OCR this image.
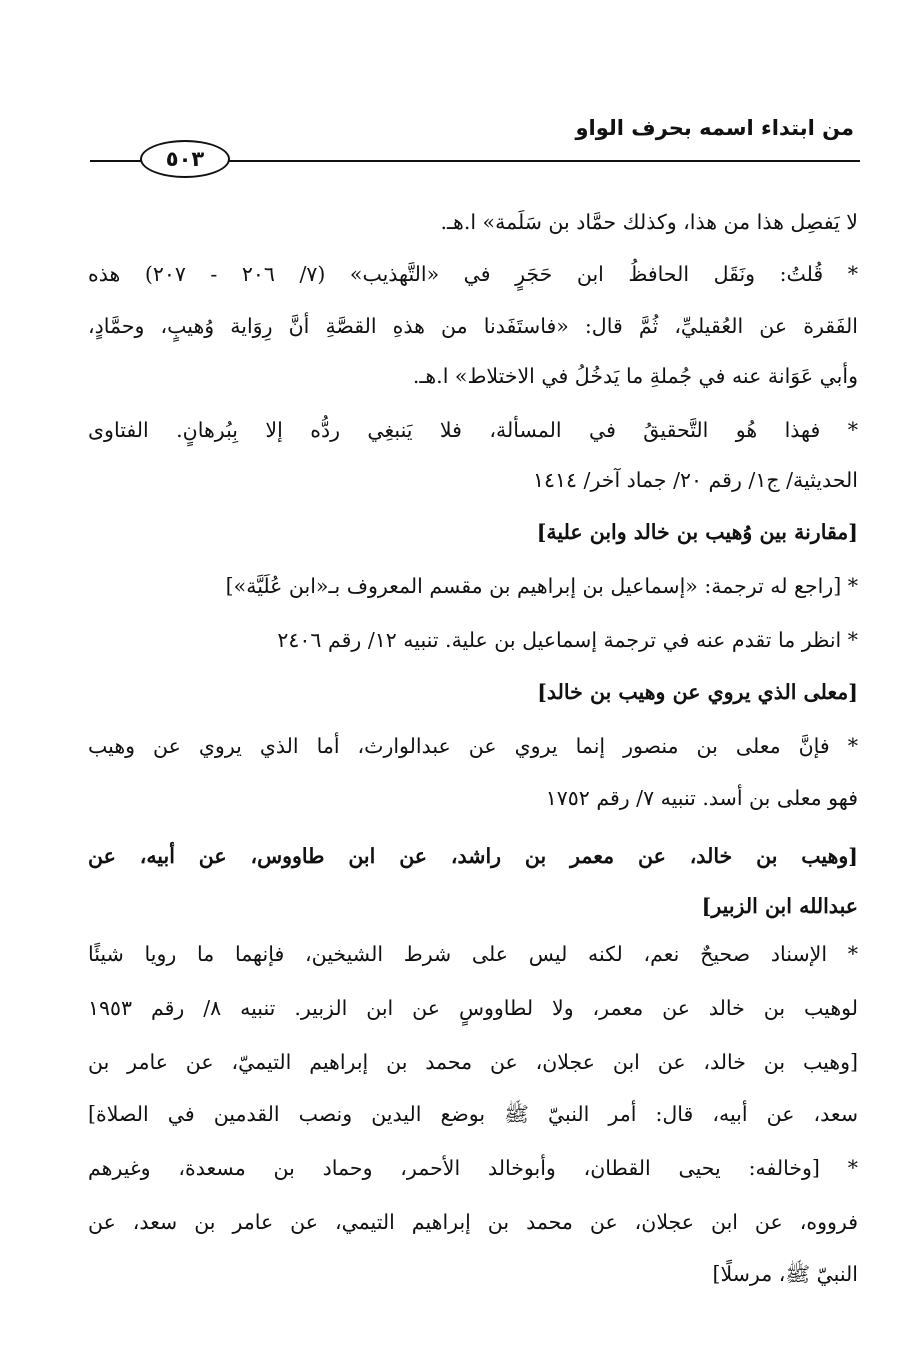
من ابتداء اسمه بحرف الواو
٥٠٣
لا يَفصِل هذا من هذا، وكذلك حمَّاد بن سَلَمة» ا.هـ.
* قُلتُ: ونَقَل الحافظُ ابن حَجَرٍ في «التَّهذيب» (٧/ ٢٠٦ - ٢٠٧) هذه
الفَقرة عن العُقيليِّ، ثُمَّ قال: «فاستَفَدنا من هذهِ القصَّةِ أنَّ رِوَاية وُهيبٍ، وحمَّادٍ،
وأبي عَوَانة عنه في جُملةِ ما يَدخُلُ في الاختلاط» ا.هـ.
* فهذا هُو التَّحقيقُ في المسألة، فلا يَنبغِي ردُّه إلا بِبُرهانٍ. الفتاوى
الحديثية/ ج١/ رقم ٢٠/ جماد آخر/ ١٤١٤
[مقارنة بين وُهيب بن خالد وابن علية]
* [راجع له ترجمة: «إسماعيل بن إبراهيم بن مقسم المعروف بـ«ابن عُلَيَّة»]
* انظر ما تقدم عنه في ترجمة إسماعيل بن علية. تنبيه ١٢/ رقم ٢٤٠٦
[معلى الذي يروي عن وهيب بن خالد]
* فإنَّ معلى بن منصور إنما يروي عن عبدالوارث، أما الذي يروي عن وهيب
فهو معلى بن أسد. تنبيه ٧/ رقم ١٧٥٢
[وهيب بن خالد، عن معمر بن راشد، عن ابن طاووس، عن أبيه، عن
عبدالله ابن الزبير]
* الإسناد صحيحٌ نعم، لكنه ليس على شرط الشيخين، فإنهما ما رويا شيئًا
لوهيب بن خالد عن معمر، ولا لطاووسٍ عن ابن الزبير. تنبيه ٨/ رقم ١٩٥٣
[وهيب بن خالد، عن ابن عجلان، عن محمد بن إبراهيم التيميّ، عن عامر بن
سعد، عن أبيه، قال: أمر النبيّ ﷺ بوضع اليدين ونصب القدمين في الصلاة]
* [وخالفه: يحيى القطان، وأبوخالد الأحمر، وحماد بن مسعدة، وغيرهم
فرووه، عن ابن عجلان، عن محمد بن إبراهيم التيمي، عن عامر بن سعد، عن
النبيّ ﷺ، مرسلًا]
